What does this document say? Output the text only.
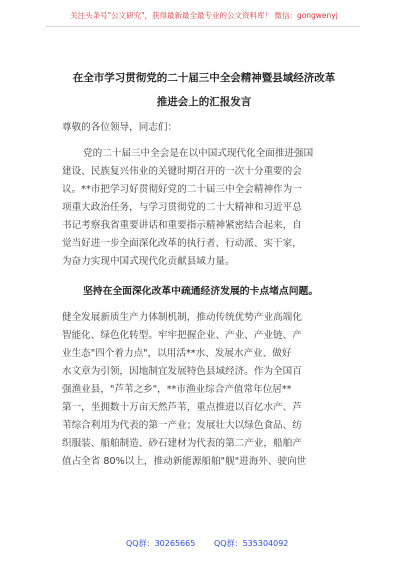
关注头条号"公文研究"，获得最新最全最专业的公文资料库！ 微信：gongwenyj
在全市学习贯彻党的二十届三中全会精神暨县域经济改革
推进会上的汇报发言
尊敬的各位领导，同志们：
党的二十届三中全会是在以中国式现代化全面推进强国
建设、民族复兴伟业的关键时期召开的一次十分重要的会
议。**市把学习好贯彻好党的二十届三中全会精神作为一
项重大政治任务，与学习贯彻党的二十大精神和习近平总
书记考察我省重要讲话和重要指示精神紧密结合起来，自
觉当好进一步全面深化改革的执行者、行动派、实干家，
为奋力实现中国式现代化贡献县域力量。
坚持在全面深化改革中疏通经济发展的卡点堵点问题。
健全发展新质生产力体制机制，推动传统优势产业高端化
智能化、绿色化转型。牢牢把握企业、产业、产业链、产
业生态"四个着力点"，以用活**水、发展水产业、做好
水文章为引领，因地制宜发展特色县域经济。作为全国百
强渔业县，"芦苇之乡"，**市渔业综合产值常年位居**
第一，坐拥数十万亩天然芦苇，重点推进以百亿水产、芦
苇综合利用为代表的第一产业；发展壮大以绿色食品、纺
织服装、船舶制造、砂石建材为代表的第二产业，船舶产
值占全省 80%以上，推动新能源船舶"舰"进海外、驶向世
QQ群：30265665 QQ群：535304092
